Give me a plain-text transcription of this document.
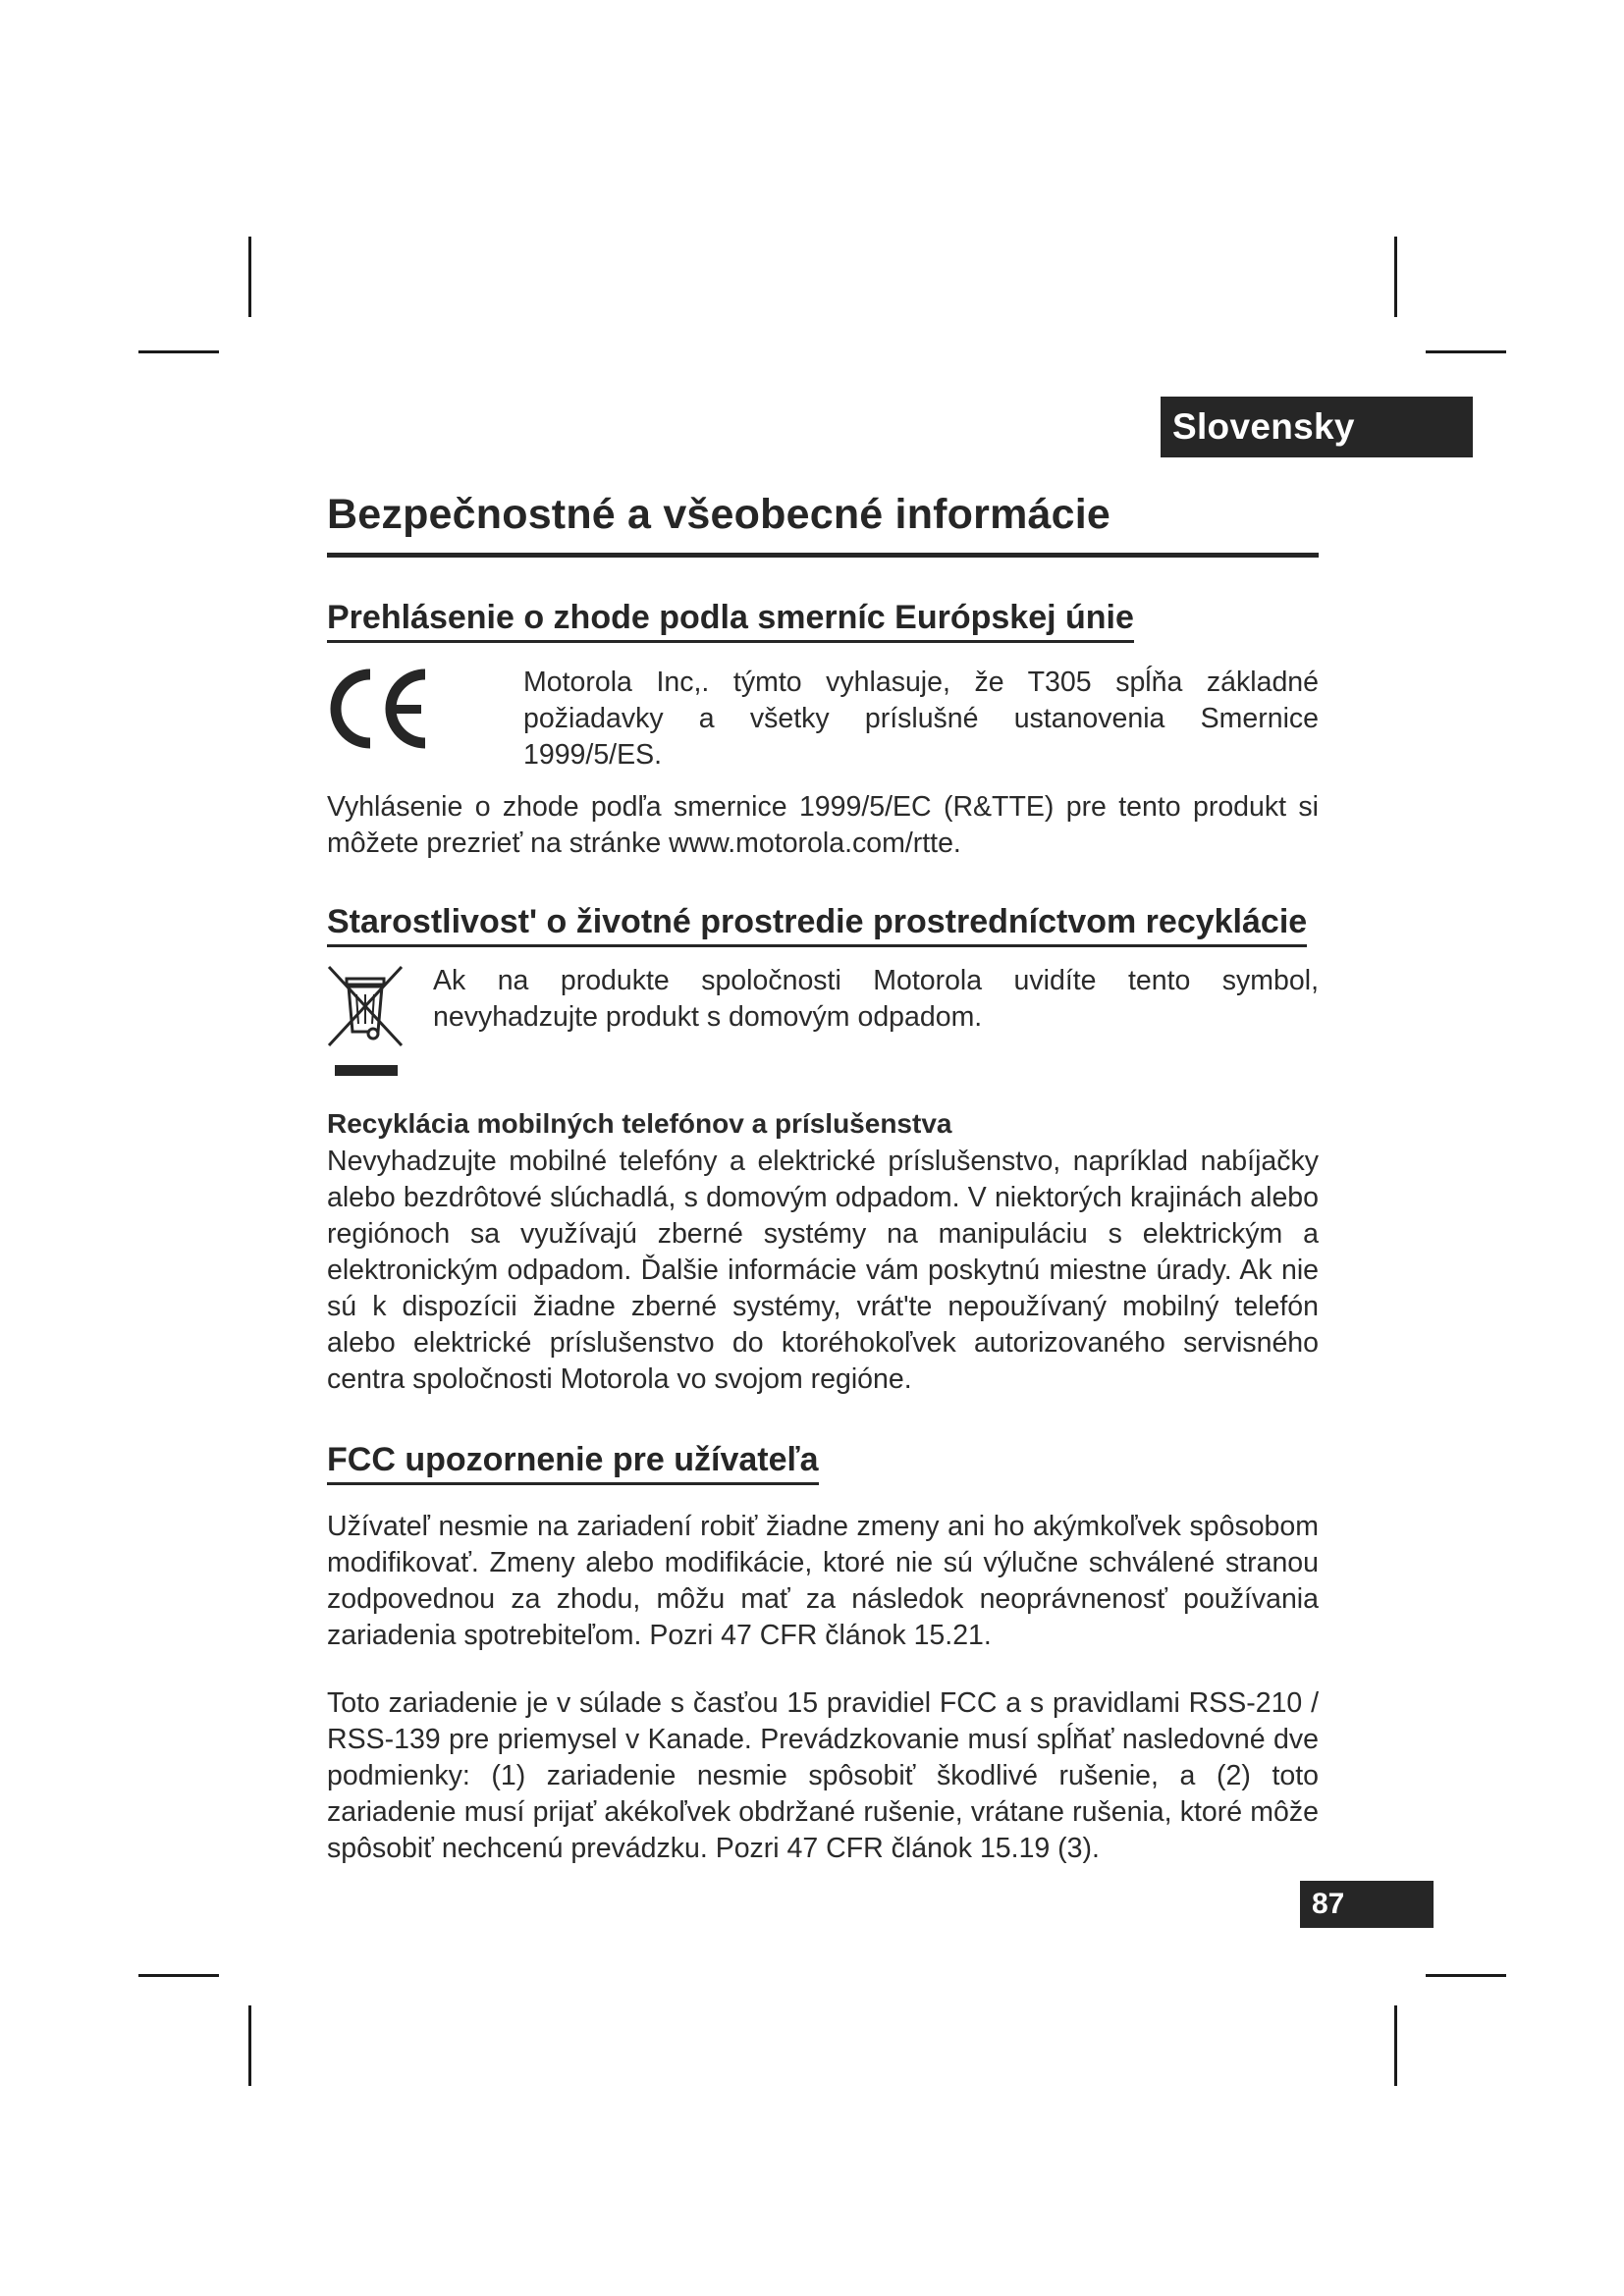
Slovensky
Bezpečnostné a všeobecné informácie
Prehlásenie o zhode podla smerníc Európskej únie

Motorola Inc,. týmto vyhlasuje, že T305 spĺňa základné požiadavky a všetky príslušné ustanovenia Smernice 1999/5/ES.

Vyhlásenie o zhode podľa smernice 1999/5/EC (R&TTE) pre tento produkt si môžete prezrieť na stránke www.motorola.com/rtte.

Starostlivost' o životné prostredie prostredníctvom recyklácie

Ak na produkte spoločnosti Motorola uvidíte tento symbol, nevyhadzujte produkt s domovým odpadom.

Recyklácia mobilných telefónov a príslušenstva

Nevyhadzujte mobilné telefóny a elektrické príslušenstvo, napríklad nabíjačky alebo bezdrôtové slúchadlá, s domovým odpadom. V niektorých krajinách alebo regiónoch sa využívajú zberné systémy na manipuláciu s elektrickým a elektronickým odpadom. Ďalšie informácie vám poskytnú miestne úrady. Ak nie sú k dispozícii žiadne zberné systémy, vrát'te nepoužívaný mobilný telefón alebo elektrické príslušenstvo do ktoréhokoľvek autorizovaného servisného centra spoločnosti Motorola vo svojom regióne.

FCC upozornenie pre užívateľa

Užívateľ nesmie na zariadení robiť žiadne zmeny ani ho akýmkoľvek spôsobom modifikovať. Zmeny alebo modifikácie, ktoré nie sú výlučne schválené stranou zodpovednou za zhodu, môžu mať za následok neoprávnenosť používania zariadenia spotrebiteľom. Pozri 47 CFR článok 15.21.

Toto zariadenie je v súlade s časťou 15 pravidiel FCC a s pravidlami RSS-210 / RSS-139 pre priemysel v Kanade. Prevádzkovanie musí spĺňať nasledovné dve podmienky: (1) zariadenie nesmie spôsobiť škodlivé rušenie, a (2) toto zariadenie musí prijať akékoľvek obdržané rušenie, vrátane rušenia, ktoré môže spôsobiť nechcenú prevádzku. Pozri 47 CFR článok 15.19 (3).

87
